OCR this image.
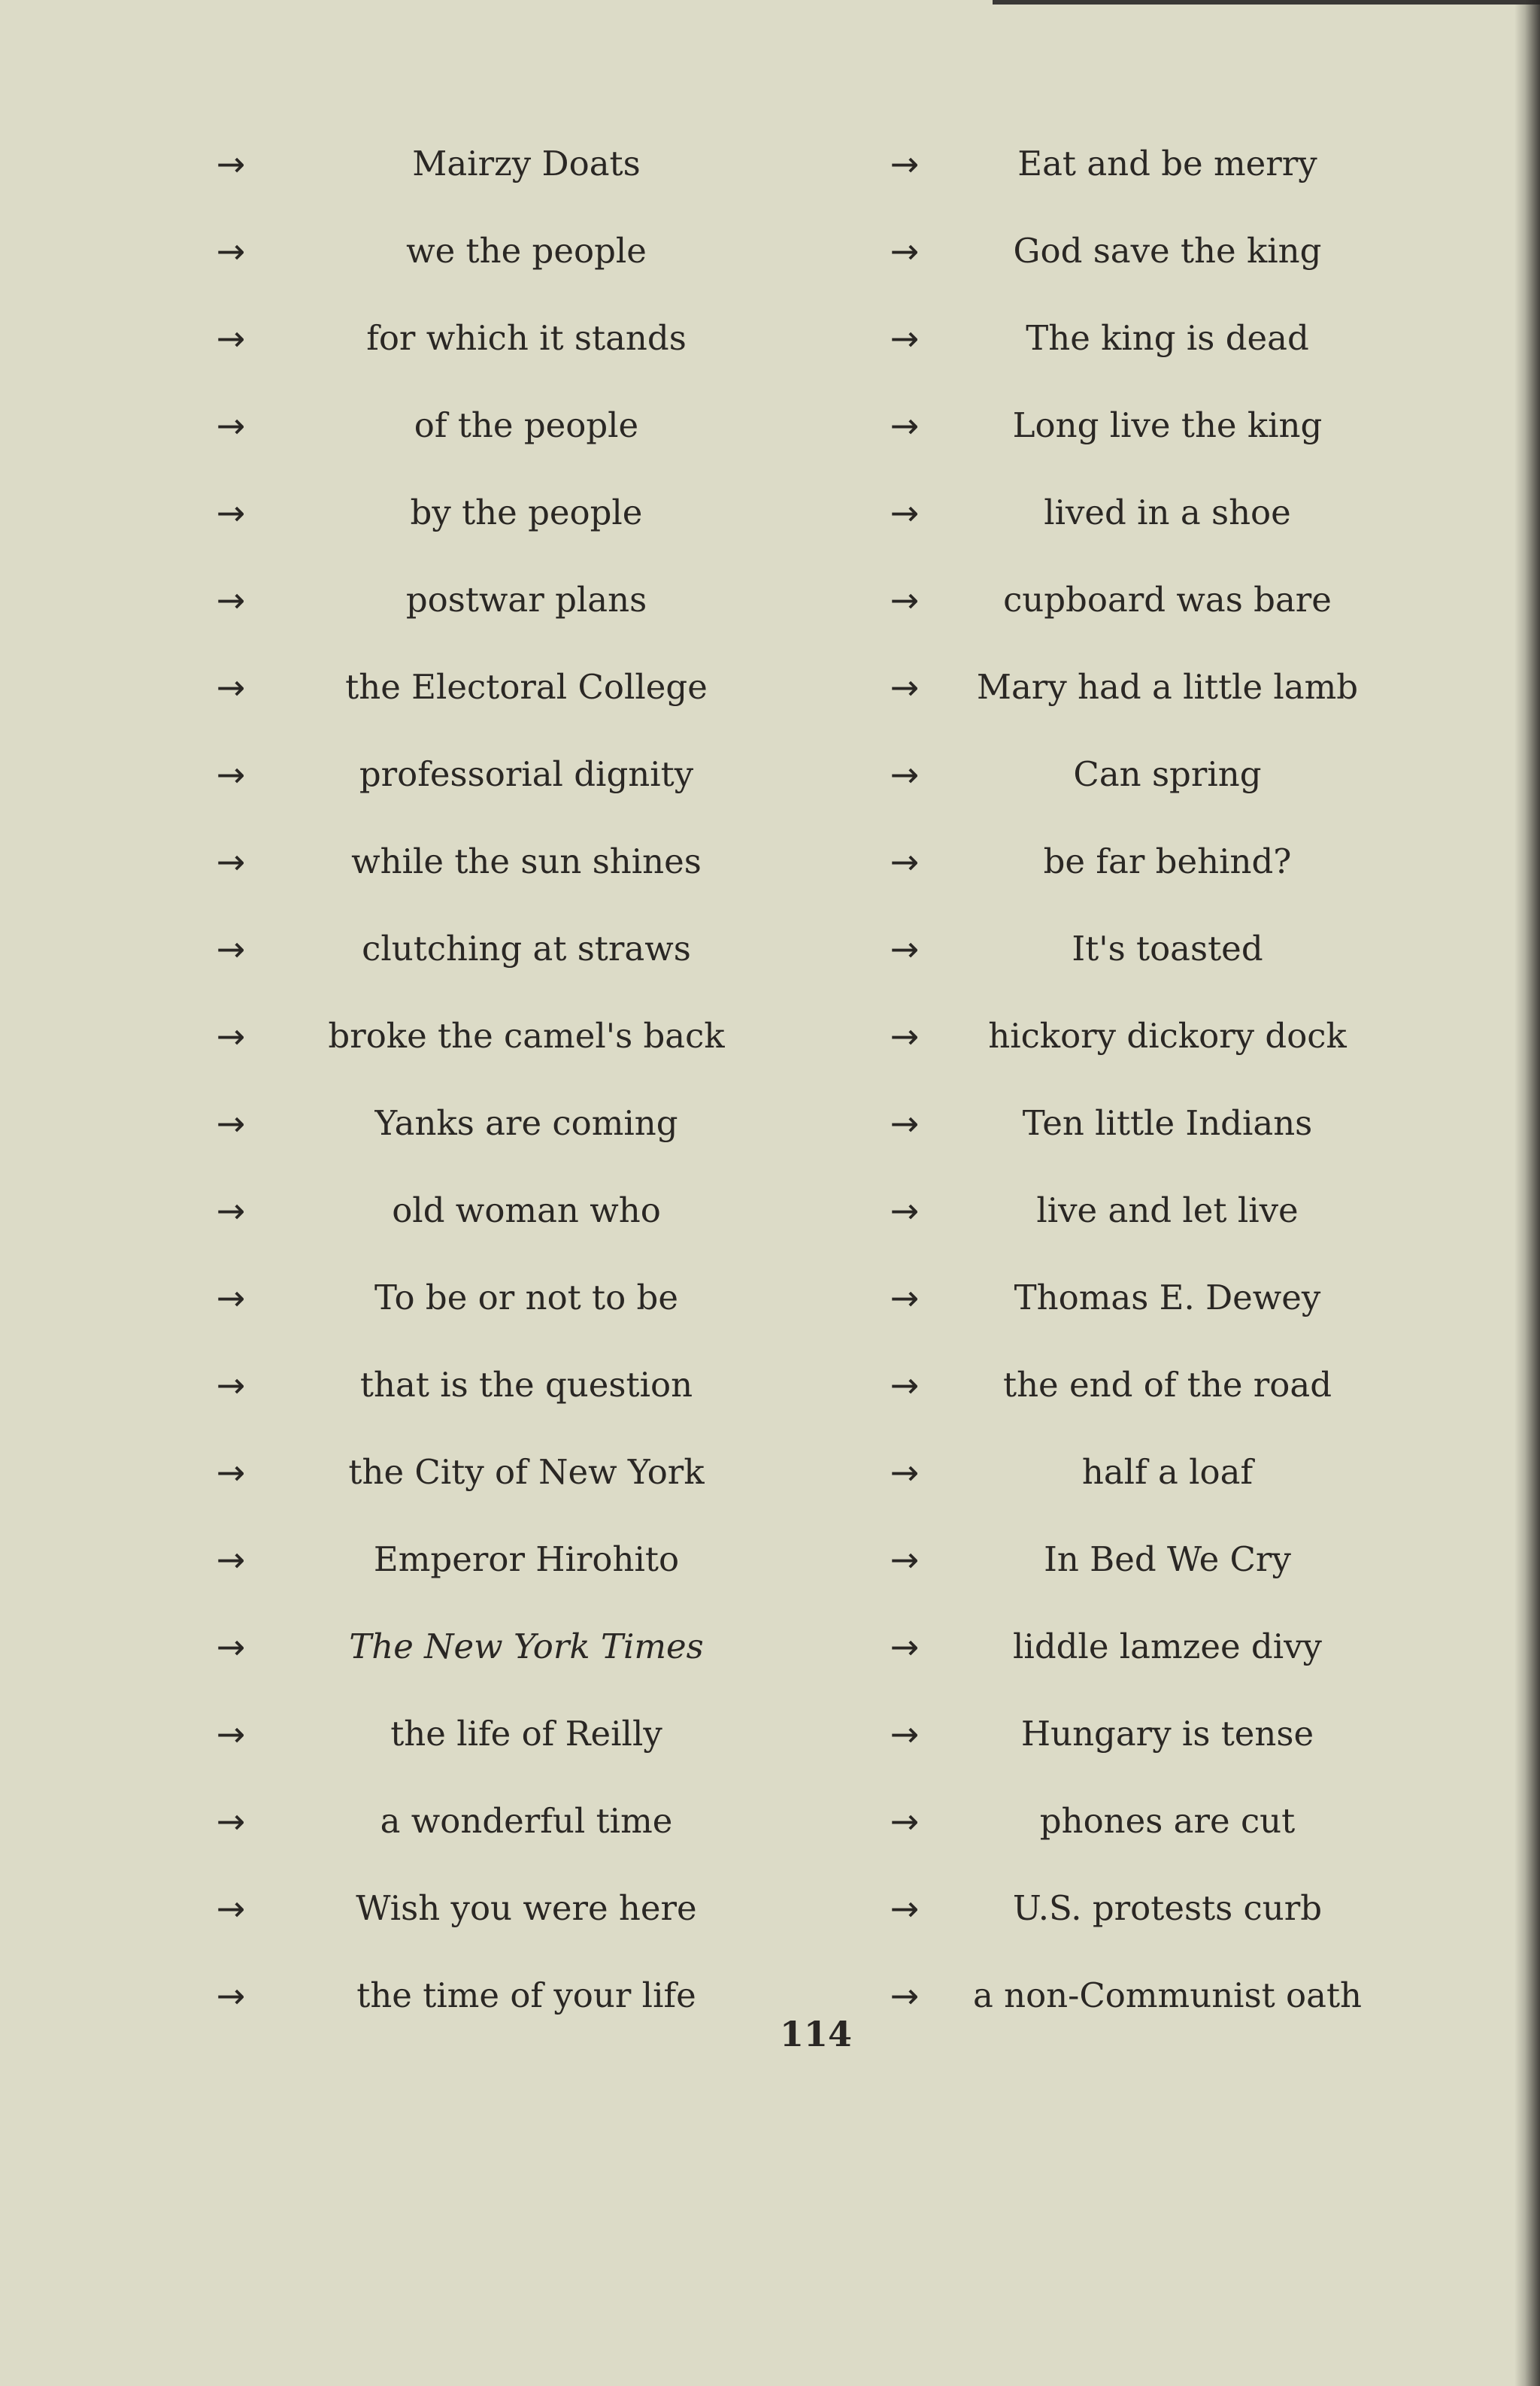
→	Mairzy Doats	→	Eat and be merry
→	we the people	→	God save the king
→	for which it stands	→	The king is dead
→	of the people	→	Long live the king
→	by the people	→	lived in a shoe
→	postwar plans	→	cupboard was bare
→	the Electoral College	→	Mary had a little lamb
→	professorial dignity	→	Can spring
→	while the sun shines	→	be far behind?
→	clutching at straws	→	It's toasted
→	broke the camel's back	→	hickory dickory dock
→	Yanks are coming	→	Ten little Indians
→	old woman who	→	live and let live
→	To be or not to be	→	Thomas E. Dewey
→	that is the question	→	the end of the road
→	the City of New York	→	half a loaf
→	Emperor Hirohito	→	In Bed We Cry
→	The New York Times	→	liddle lamzee divy
→	the life of Reilly	→	Hungary is tense
→	a wonderful time	→	phones are cut
→	Wish you were here	→	U.S. protests curb
→	the time of your life	→	a non-Communist oath
114
